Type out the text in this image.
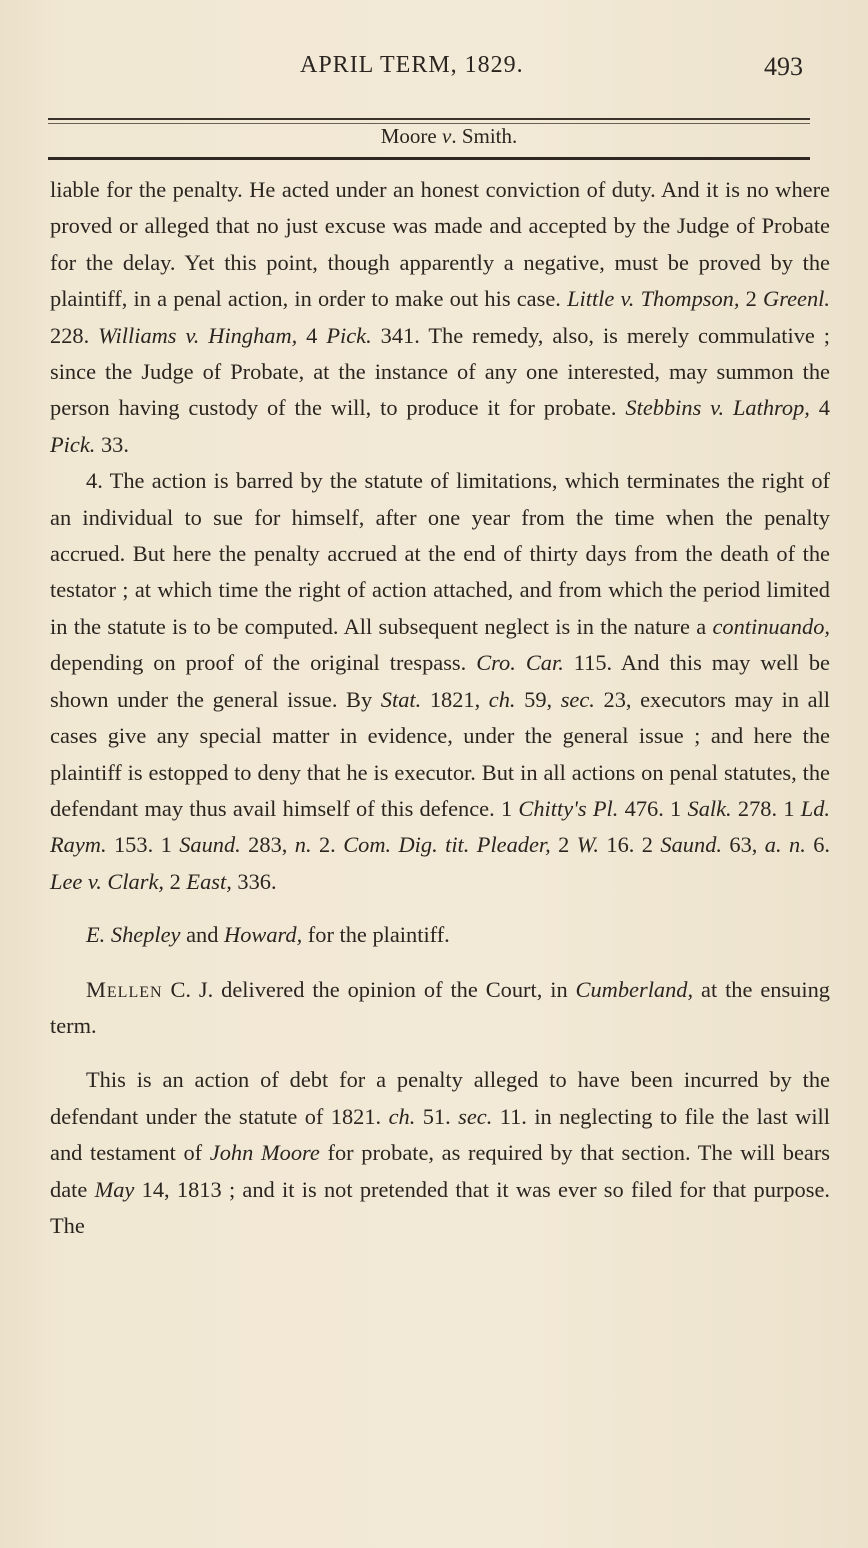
APRIL TERM, 1829.	493
Moore v. Smith.

liable for the penalty. He acted under an honest conviction of duty. And it is no where proved or alleged that no just excuse was made and accepted by the Judge of Probate for the delay. Yet this point, though apparently a negative, must be proved by the plaintiff, in a penal action, in order to make out his case. Little v. Thompson, 2 Greenl. 228. Williams v. Hingham, 4 Pick. 341. The remedy, also, is merely commulative ; since the Judge of Probate, at the instance of any one interested, may summon the person having custody of the will, to produce it for probate. Stebbins v. Lathrop, 4 Pick. 33.

4. The action is barred by the statute of limitations, which terminates the right of an individual to sue for himself, after one year from the time when the penalty accrued. But here the penalty accrued at the end of thirty days from the death of the testator ; at which time the right of action attached, and from which the period limited in the statute is to be computed. All subsequent neglect is in the nature a continuando, depending on proof of the original trespass. Cro. Car. 115. And this may well be shown under the general issue. By Stat. 1821, ch. 59, sec. 23, executors may in all cases give any special matter in evidence, under the general issue ; and here the plaintiff is estopped to deny that he is executor. But in all actions on penal statutes, the defendant may thus avail himself of this defence. 1 Chitty's Pl. 476. 1 Salk. 278. 1 Ld. Raym. 153. 1 Saund. 283, n. 2. Com. Dig. tit. Pleader, 2 W. 16. 2 Saund. 63, a. n. 6. Lee v. Clark, 2 East, 336.

E. Shepley and Howard, for the plaintiff.

Mellen C. J. delivered the opinion of the Court, in Cumberland, at the ensuing term.

This is an action of debt for a penalty alleged to have been incurred by the defendant under the statute of 1821. ch. 51. sec. 11. in neglecting to file the last will and testament of John Moore for probate, as required by that section. The will bears date May 14, 1813 ; and it is not pretended that it was ever so filed for that purpose. The
